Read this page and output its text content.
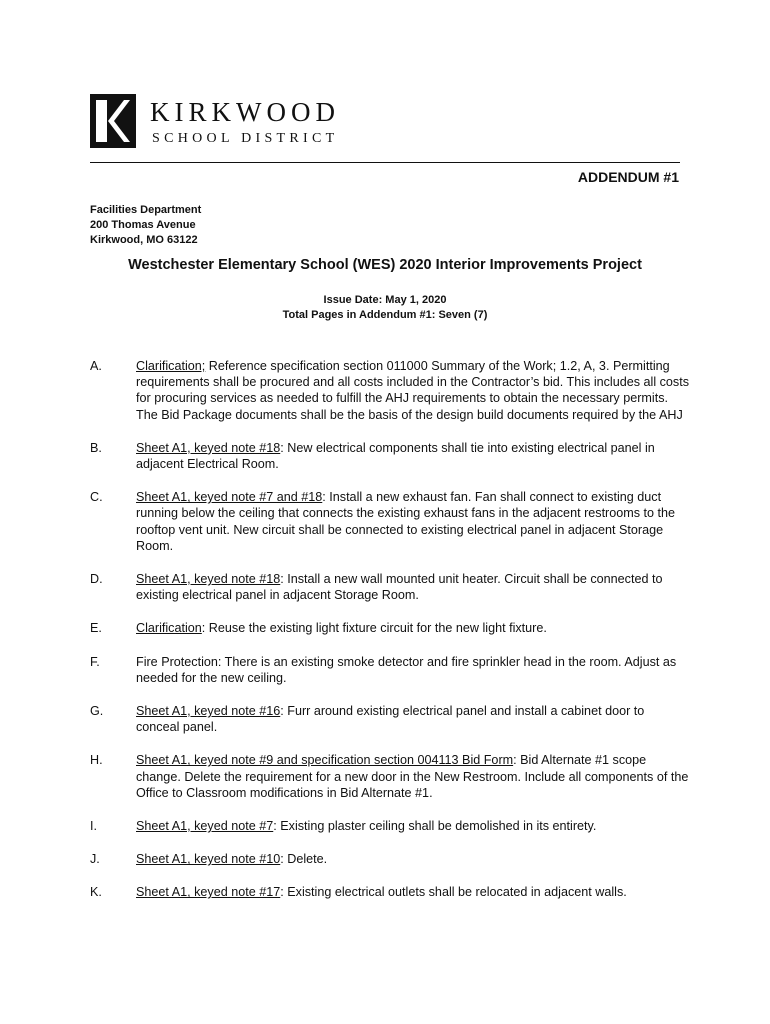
KIRKWOOD
SCHOOL DISTRICT
ADDENDUM #1
Facilities Department
200 Thomas Avenue
Kirkwood, MO 63122
Westchester Elementary School (WES) 2020 Interior Improvements Project
Issue Date: May 1, 2020
Total Pages in Addendum #1: Seven (7)
A.	Clarification; Reference specification section 011000 Summary of the Work; 1.2, A, 3. Permitting requirements shall be procured and all costs included in the Contractor’s bid. This includes all costs for procuring services as needed to fulfill the AHJ requirements to obtain the necessary permits. The Bid Package documents shall be the basis of the design build documents required by the AHJ
B.	Sheet A1, keyed note #18: New electrical components shall tie into existing electrical panel in adjacent Electrical Room.
C.	Sheet A1, keyed note #7 and #18: Install a new exhaust fan. Fan shall connect to existing duct running below the ceiling that connects the existing exhaust fans in the adjacent restrooms to the rooftop vent unit. New circuit shall be connected to existing electrical panel in adjacent Storage Room.
D.	Sheet A1, keyed note #18: Install a new wall mounted unit heater. Circuit shall be connected to existing electrical panel in adjacent Storage Room.
E.	Clarification: Reuse the existing light fixture circuit for the new light fixture.
F.	Fire Protection: There is an existing smoke detector and fire sprinkler head in the room. Adjust as needed for the new ceiling.
G.	Sheet A1, keyed note #16: Furr around existing electrical panel and install a cabinet door to conceal panel.
H.	Sheet A1, keyed note #9 and specification section 004113 Bid Form: Bid Alternate #1 scope change. Delete the requirement for a new door in the New Restroom. Include all components of the Office to Classroom modifications in Bid Alternate #1.
I.	Sheet A1, keyed note #7: Existing plaster ceiling shall be demolished in its entirety.
J.	Sheet A1, keyed note #10: Delete.
K.	Sheet A1, keyed note #17: Existing electrical outlets shall be relocated in adjacent walls.
